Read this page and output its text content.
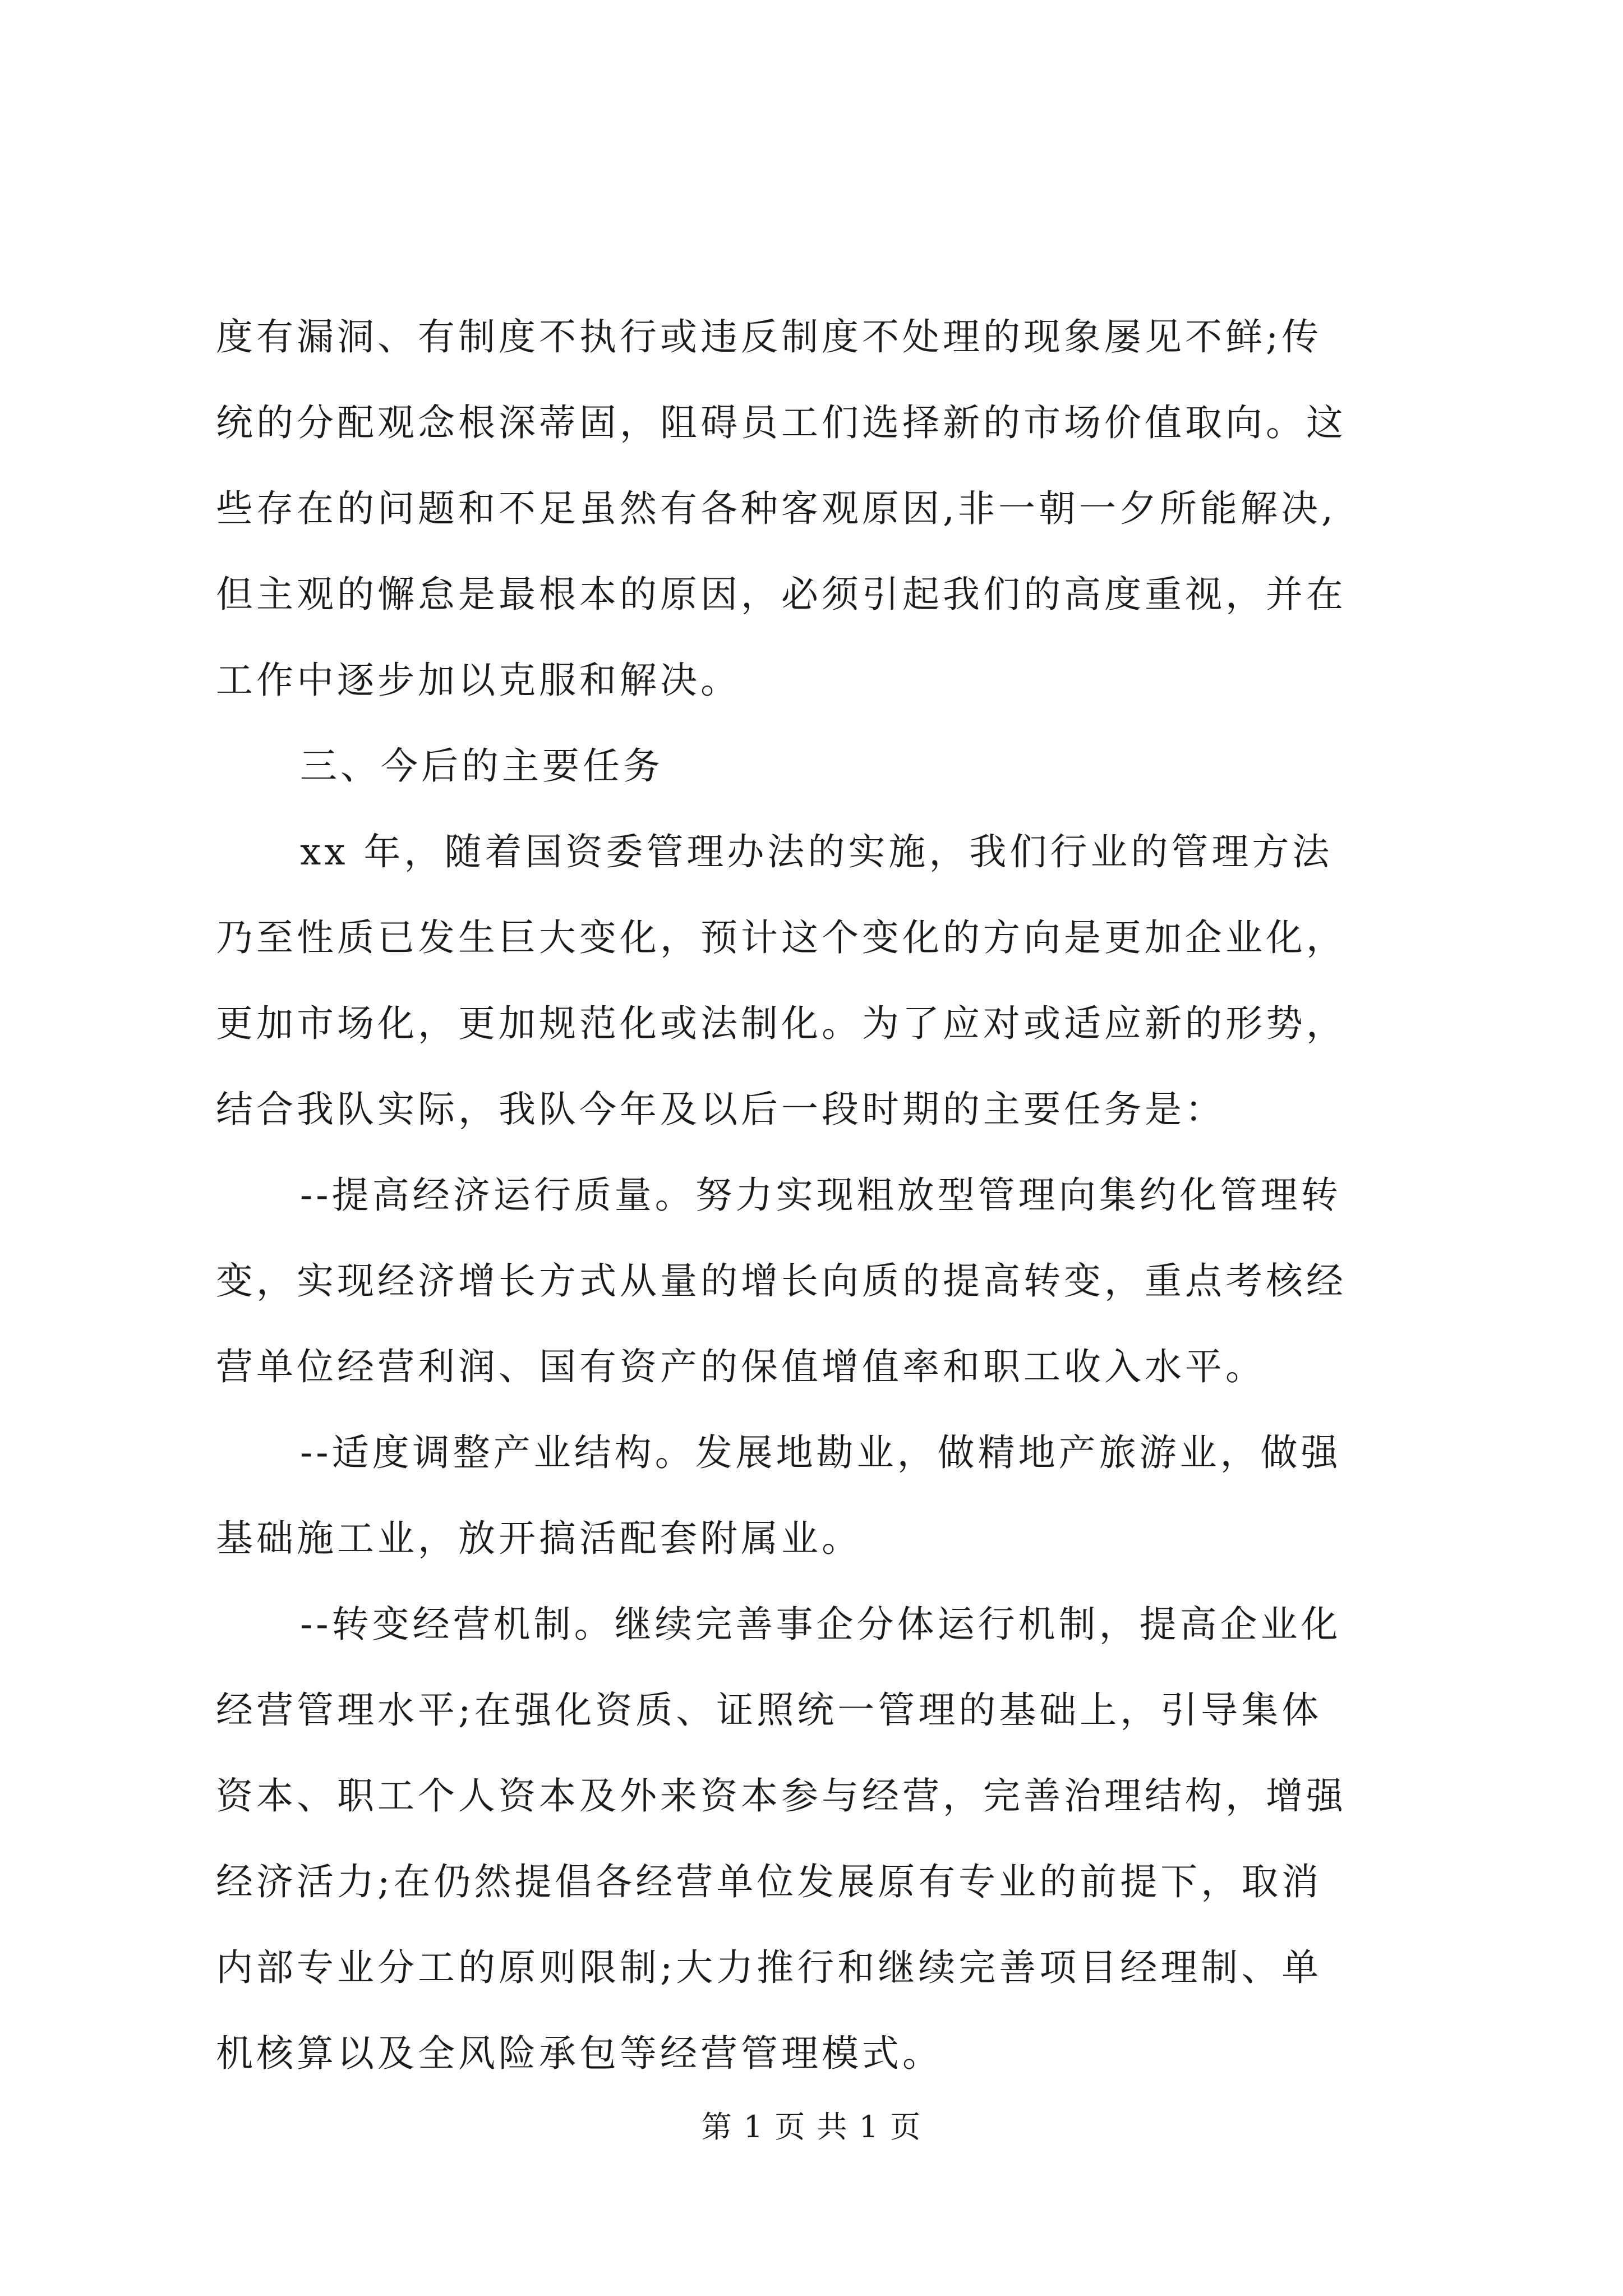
度有漏洞、有制度不执行或违反制度不处理的现象屡见不鲜;传
统的分配观念根深蒂固，阻碍员工们选择新的市场价值取向。这
些存在的问题和不足虽然有各种客观原因,非一朝一夕所能解决,
但主观的懈怠是最根本的原因，必须引起我们的高度重视，并在
工作中逐步加以克服和解决。
三、今后的主要任务
xx 年，随着国资委管理办法的实施，我们行业的管理方法
乃至性质已发生巨大变化，预计这个变化的方向是更加企业化，
更加市场化，更加规范化或法制化。为了应对或适应新的形势，
结合我队实际，我队今年及以后一段时期的主要任务是：
--提高经济运行质量。努力实现粗放型管理向集约化管理转
变，实现经济增长方式从量的增长向质的提高转变，重点考核经
营单位经营利润、国有资产的保值增值率和职工收入水平。
--适度调整产业结构。发展地勘业，做精地产旅游业，做强
基础施工业，放开搞活配套附属业。
--转变经营机制。继续完善事企分体运行机制，提高企业化
经营管理水平;在强化资质、证照统一管理的基础上，引导集体
资本、职工个人资本及外来资本参与经营，完善治理结构，增强
经济活力;在仍然提倡各经营单位发展原有专业的前提下，取消
内部专业分工的原则限制;大力推行和继续完善项目经理制、单
机核算以及全风险承包等经营管理模式。
第 1 页 共 1 页
